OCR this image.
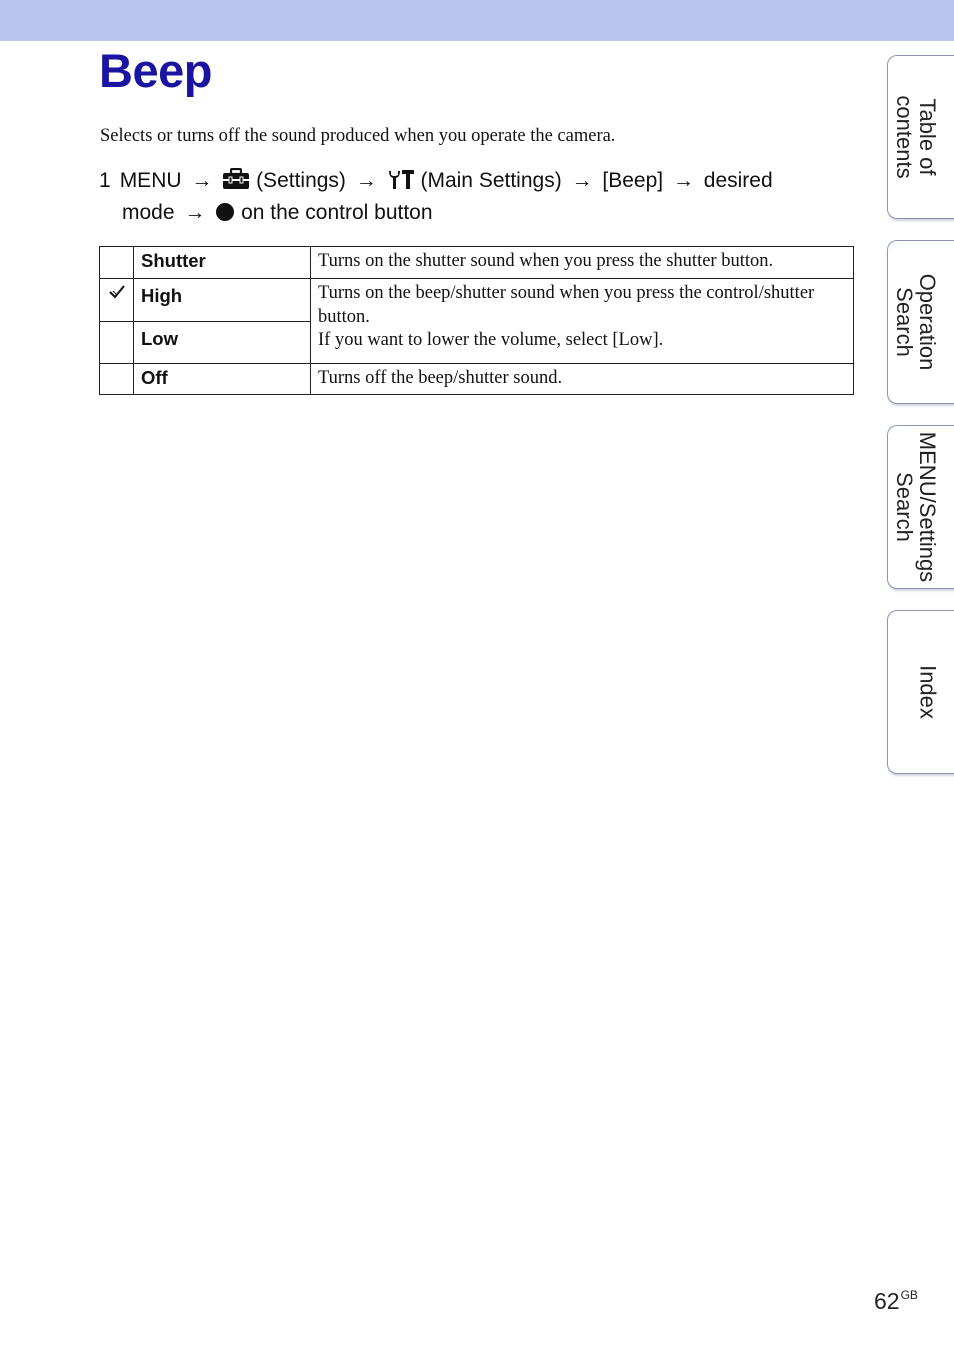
Beep

Selects or turns off the sound produced when you operate the camera.

1 MENU → (Settings) → (Main Settings) → [Beep] → desired
mode → on the control button
	Shutter	Turns on the shutter sound when you press the shutter button.
	High	Turns on the beep/shutter sound when you press the control/shutter
button.
If you want to lower the volume, select [Low].
	Low	
	Off	Turns off the beep/shutter sound.
Table of
contents
Operation
Search
MENU/Settings
Search
Index
$62^{GB}$
